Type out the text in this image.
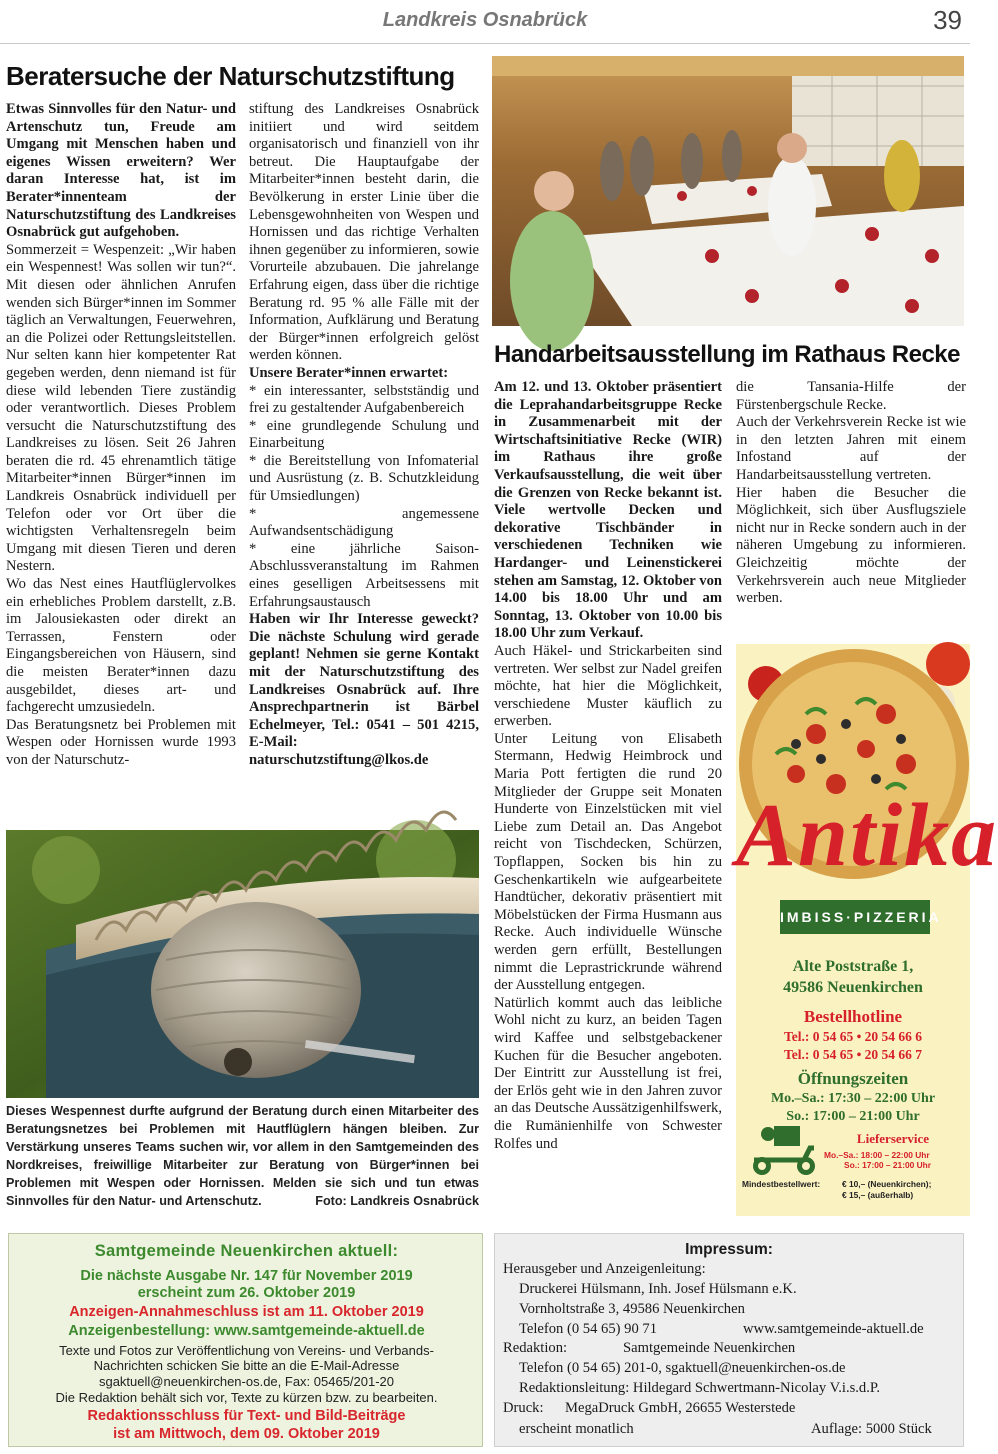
Landkreis Osnabrück	39
Beratersuche der Naturschutzstiftung

Etwas Sinnvolles für den Natur- und Artenschutz tun, Freude am Umgang mit Menschen haben und eigenes Wissen erweitern? Wer daran Interesse hat, ist im Berater*innenteam der Naturschutzstiftung des Landkreises Osnabrück gut aufgehoben.

Sommerzeit = Wespenzeit: „Wir haben ein Wespennest! Was sollen wir tun?“. Mit diesen oder ähnlichen Anrufen wenden sich Bürger*innen im Sommer täglich an Verwaltungen, Feuerwehren, an die Polizei oder Rettungsleitstellen. Nur selten kann hier kompetenter Rat gegeben werden, denn niemand ist für diese wild lebenden Tiere zuständig oder verantwortlich. Dieses Problem versucht die Naturschutzstiftung des Landkreises zu lösen. Seit 26 Jahren beraten die rd. 45 ehrenamtlich tätige Mitarbeiter*innen Bürger*innen im Landkreis Osnabrück individuell per Telefon oder vor Ort über die wichtigsten Verhaltensregeln beim Umgang mit diesen Tieren und deren Nestern.

Wo das Nest eines Hautflüglervolkes ein erhebliches Problem darstellt, z.B. im Jalousiekasten oder direkt an Terrassen, Fenstern oder Eingangsbereichen von Häusern, sind die meisten Berater*innen dazu ausgebildet, dieses art- und fachgerecht umzusiedeln.

Das Beratungsnetz bei Problemen mit Wespen oder Hornissen wurde 1993 von der Naturschutz-

stiftung des Landkreises Osnabrück initiiert und wird seitdem organisatorisch und finanziell von ihr betreut. Die Hauptaufgabe der Mitarbeiter*innen besteht darin, die Bevölkerung in erster Linie über die Lebensgewohnheiten von Wespen und Hornissen und das richtige Verhalten ihnen gegenüber zu informieren, sowie Vorurteile abzubauen. Die jahrelange Erfahrung eigen, dass über die richtige Beratung rd. 95 % alle Fälle mit der Information, Aufklärung und Beratung der Bürger*innen erfolgreich gelöst werden können.

Unsere Berater*innen erwartet:

* ein interessanter, selbstständig und frei zu gestaltender Aufgabenbereich

* eine grundlegende Schulung und Einarbeitung

* die Bereitstellung von Infomaterial und Ausrüstung (z. B. Schutzkleidung für Umsiedlungen)

* angemessene Aufwandsentschädigung

* eine jährliche Saison-Abschlussveranstaltung im Rahmen eines geselligen Arbeitsessens mit Erfahrungsaustausch

Haben wir Ihr Interesse geweckt? Die nächste Schulung wird gerade geplant! Nehmen sie gerne Kontakt mit der Naturschutzstiftung des Landkreises Osnabrück auf. Ihre Ansprechpartnerin ist Bärbel Echelmeyer, Tel.: 0541 – 501 4215, E-Mail: naturschutzstiftung@lkos.de

Dieses Wespennest durfte aufgrund der Beratung durch einen Mitarbeiter des Beratungsnetzes bei Problemen mit Hautflüglern hängen bleiben. Zur Verstärkung unseres Teams suchen wir, vor allem in den Samtgemeinden des Nordkreises, freiwillige Mitarbeiter zur Beratung von Bürger*innen bei Problemen mit Wespen oder Hornissen. Melden sie sich und tun etwas Sinnvolles für den Natur- und Artenschutz.	Foto: Landkreis Osnabrück
Handarbeitsausstellung im Rathaus Recke

Am 12. und 13. Oktober präsentiert die Leprahandarbeitsgruppe Recke in Zusammenarbeit mit der Wirtschaftsinitiative Recke (WIR) im Rathaus ihre große Verkaufsausstellung, die weit über die Grenzen von Recke bekannt ist. Viele wertvolle Decken und dekorative Tischbänder in verschiedenen Techniken wie Hardanger- und Leinenstickerei stehen am Samstag, 12. Oktober von 14.00 bis 18.00 Uhr und am Sonntag, 13. Oktober von 10.00 bis 18.00 Uhr zum Verkauf.

Auch Häkel- und Strickarbeiten sind vertreten. Wer selbst zur Nadel greifen möchte, hat hier die Möglichkeit, verschiedene Muster käuflich zu erwerben.

Unter Leitung von Elisabeth Stermann, Hedwig Heimbrock und Maria Pott fertigten die rund 20 Mitglieder der Gruppe seit Monaten Hunderte von Einzelstücken mit viel Liebe zum Detail an. Das Angebot reicht von Tischdecken, Schürzen, Topflappen, Socken bis hin zu Geschenkartikeln wie aufgearbeitete Handtücher, dekorativ präsentiert mit Möbelstücken der Firma Husmann aus Recke. Auch individuelle Wünsche werden gern erfüllt, Bestellungen nimmt die Leprastrickrunde während der Ausstellung entgegen.

Natürlich kommt auch das leibliche Wohl nicht zu kurz, an beiden Tagen wird Kaffee und selbstgebackener Kuchen für die Besucher angeboten. Der Eintritt zur Ausstellung ist frei, der Erlös geht wie in den Jahren zuvor an das Deutsche Aussätzigenhilfswerk, die Rumänienhilfe von Schwester Rolfes und

die Tansania-Hilfe der Fürstenbergschule Recke.

Auch der Verkehrsverein Recke ist wie in den letzten Jahren mit einem Infostand auf der Handarbeitsausstellung vertreten.

Hier haben die Besucher die Möglichkeit, sich über Ausflugsziele nicht nur in Recke sondern auch in der näheren Umgebung zu informieren. Gleichzeitig möchte der Verkehrsverein auch neue Mitglieder werben.

Antika
IMBISS·PIZZERIA
Alte Poststraße 1,
49586 Neuenkirchen
Bestellhotline
Tel.: 0 54 65 • 20 54 66 6
Tel.: 0 54 65 • 20 54 66 7
Öffnungszeiten
Mo.–Sa.: 17:30 – 22:00 Uhr
So.: 17:00 – 21:00 Uhr
Lieferservice
Mo.–Sa.: 18:00 – 22:00 Uhr
So.: 17:00 – 21:00 Uhr
Mindestbestellwert:	€ 10,– (Neuenkirchen);
€ 15,– (außerhalb)
Samtgemeinde Neuenkirchen aktuell:
Die nächste Ausgabe Nr. 147 für November 2019
erscheint zum 26. Oktober 2019
Anzeigen-Annahmeschluss ist am 11. Oktober 2019
Anzeigenbestellung: www.samtgemeinde-aktuell.de
Texte und Fotos zur Veröffentlichung von Vereins- und Verbands-
Nachrichten schicken Sie bitte an die E-Mail-Adresse
sgaktuell@neuenkirchen-os.de, Fax: 05465/201-20
Die Redaktion behält sich vor, Texte zu kürzen bzw. zu bearbeiten.
Redaktionsschluss für Text- und Bild-Beiträge
ist am Mittwoch, dem 09. Oktober 2019
Impressum:
Herausgeber und Anzeigenleitung:
Druckerei Hülsmann, Inh. Josef Hülsmann e.K.
Vornholtstraße 3, 49586 Neuenkirchen
Telefon (0 54 65) 90 71	www.samtgemeinde-aktuell.de
Redaktion:	Samtgemeinde Neuenkirchen
Telefon (0 54 65) 201-0, sgaktuell@neuenkirchen-os.de
Redaktionsleitung: Hildegard Schwertmann-Nicolay V.i.s.d.P.
Druck: MegaDruck GmbH, 26655 Westerstede
erscheint monatlich	Auflage: 5000 Stück
